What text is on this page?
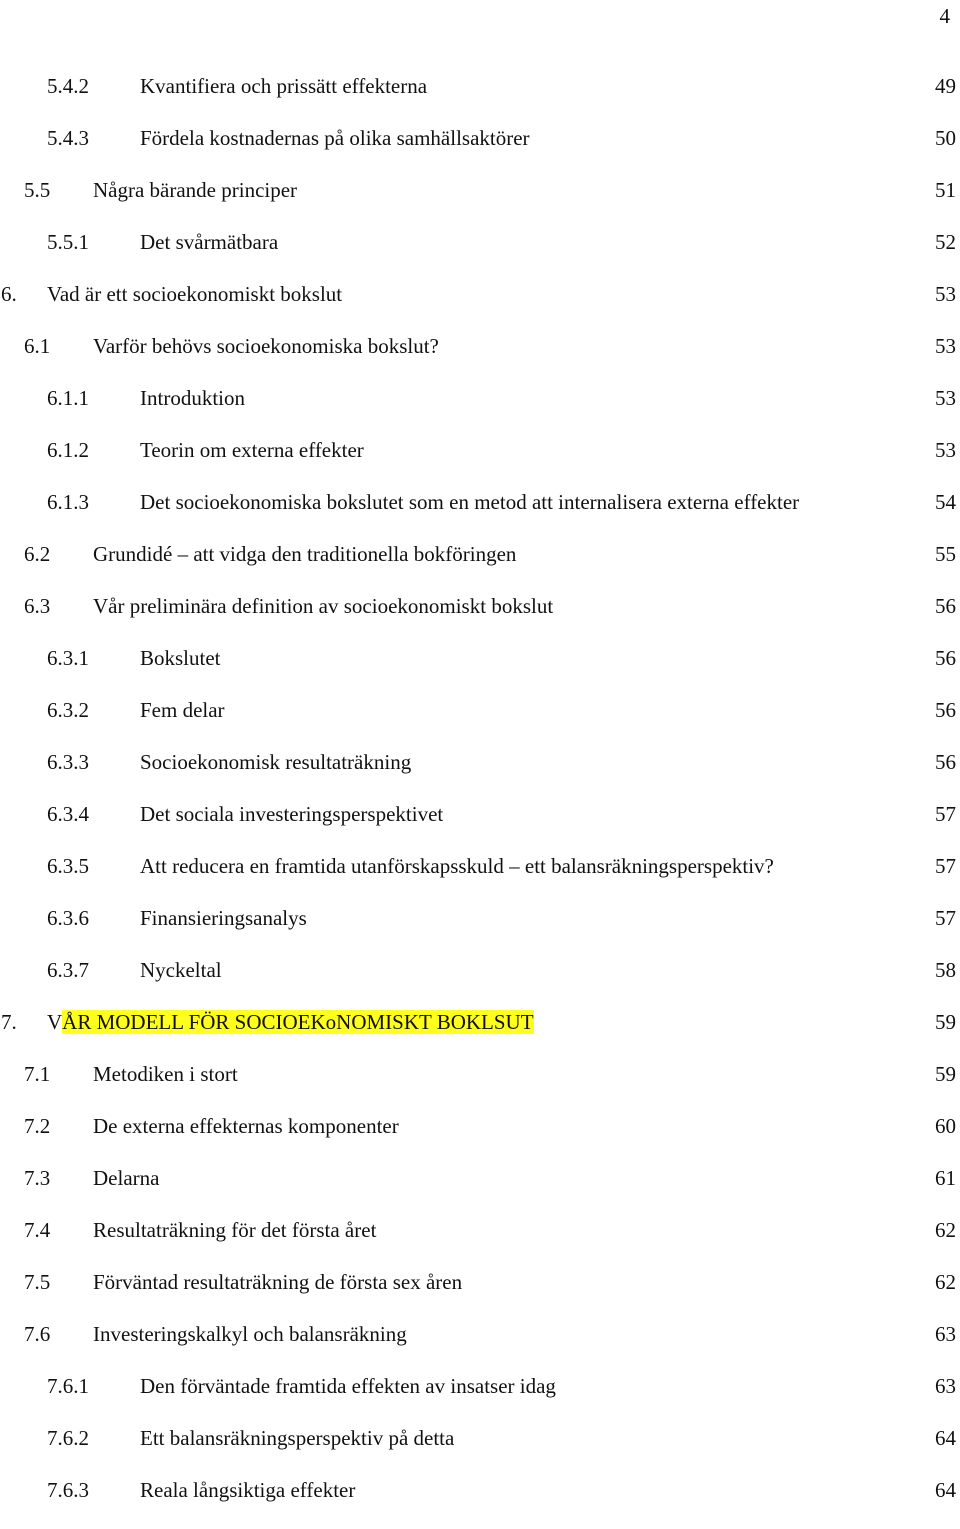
4
5.4.2 Kvantifiera och prissätt effekterna	49
5.4.3 Fördela kostnadernas på olika samhällsaktörer	50
5.5 Några bärande principer	51
5.5.1 Det svårmätbara	52
6. Vad är ett socioekonomiskt bokslut	53
6.1 Varför behövs socioekonomiska bokslut?	53
6.1.1 Introduktion	53
6.1.2 Teorin om externa effekter	53
6.1.3 Det socioekonomiska bokslutet som en metod att internalisera externa effekter	54
6.2 Grundidé – att vidga den traditionella bokföringen	55
6.3 Vår preliminära definition av socioekonomiskt bokslut	56
6.3.1 Bokslutet	56
6.3.2 Fem delar	56
6.3.3 Socioekonomisk resultaträkning	56
6.3.4 Det sociala investeringsperspektivet	57
6.3.5 Att reducera en framtida utanförskapsskuld – ett balansräkningsperspektiv?	57
6.3.6 Finansieringsanalys	57
6.3.7 Nyckeltal	58
7. VÅR MODELL FÖR SOCIOEKoNOMISKT BOKLSUT	59
7.1 Metodiken i stort	59
7.2 De externa effekternas komponenter	60
7.3 Delarna	61
7.4 Resultaträkning för det första året	62
7.5 Förväntad resultaträkning de första sex åren	62
7.6 Investeringskalkyl och balansräkning	63
7.6.1 Den förväntade framtida effekten av insatser idag	63
7.6.2 Ett balansräkningsperspektiv på detta	64
7.6.3 Reala långsiktiga effekter	64
